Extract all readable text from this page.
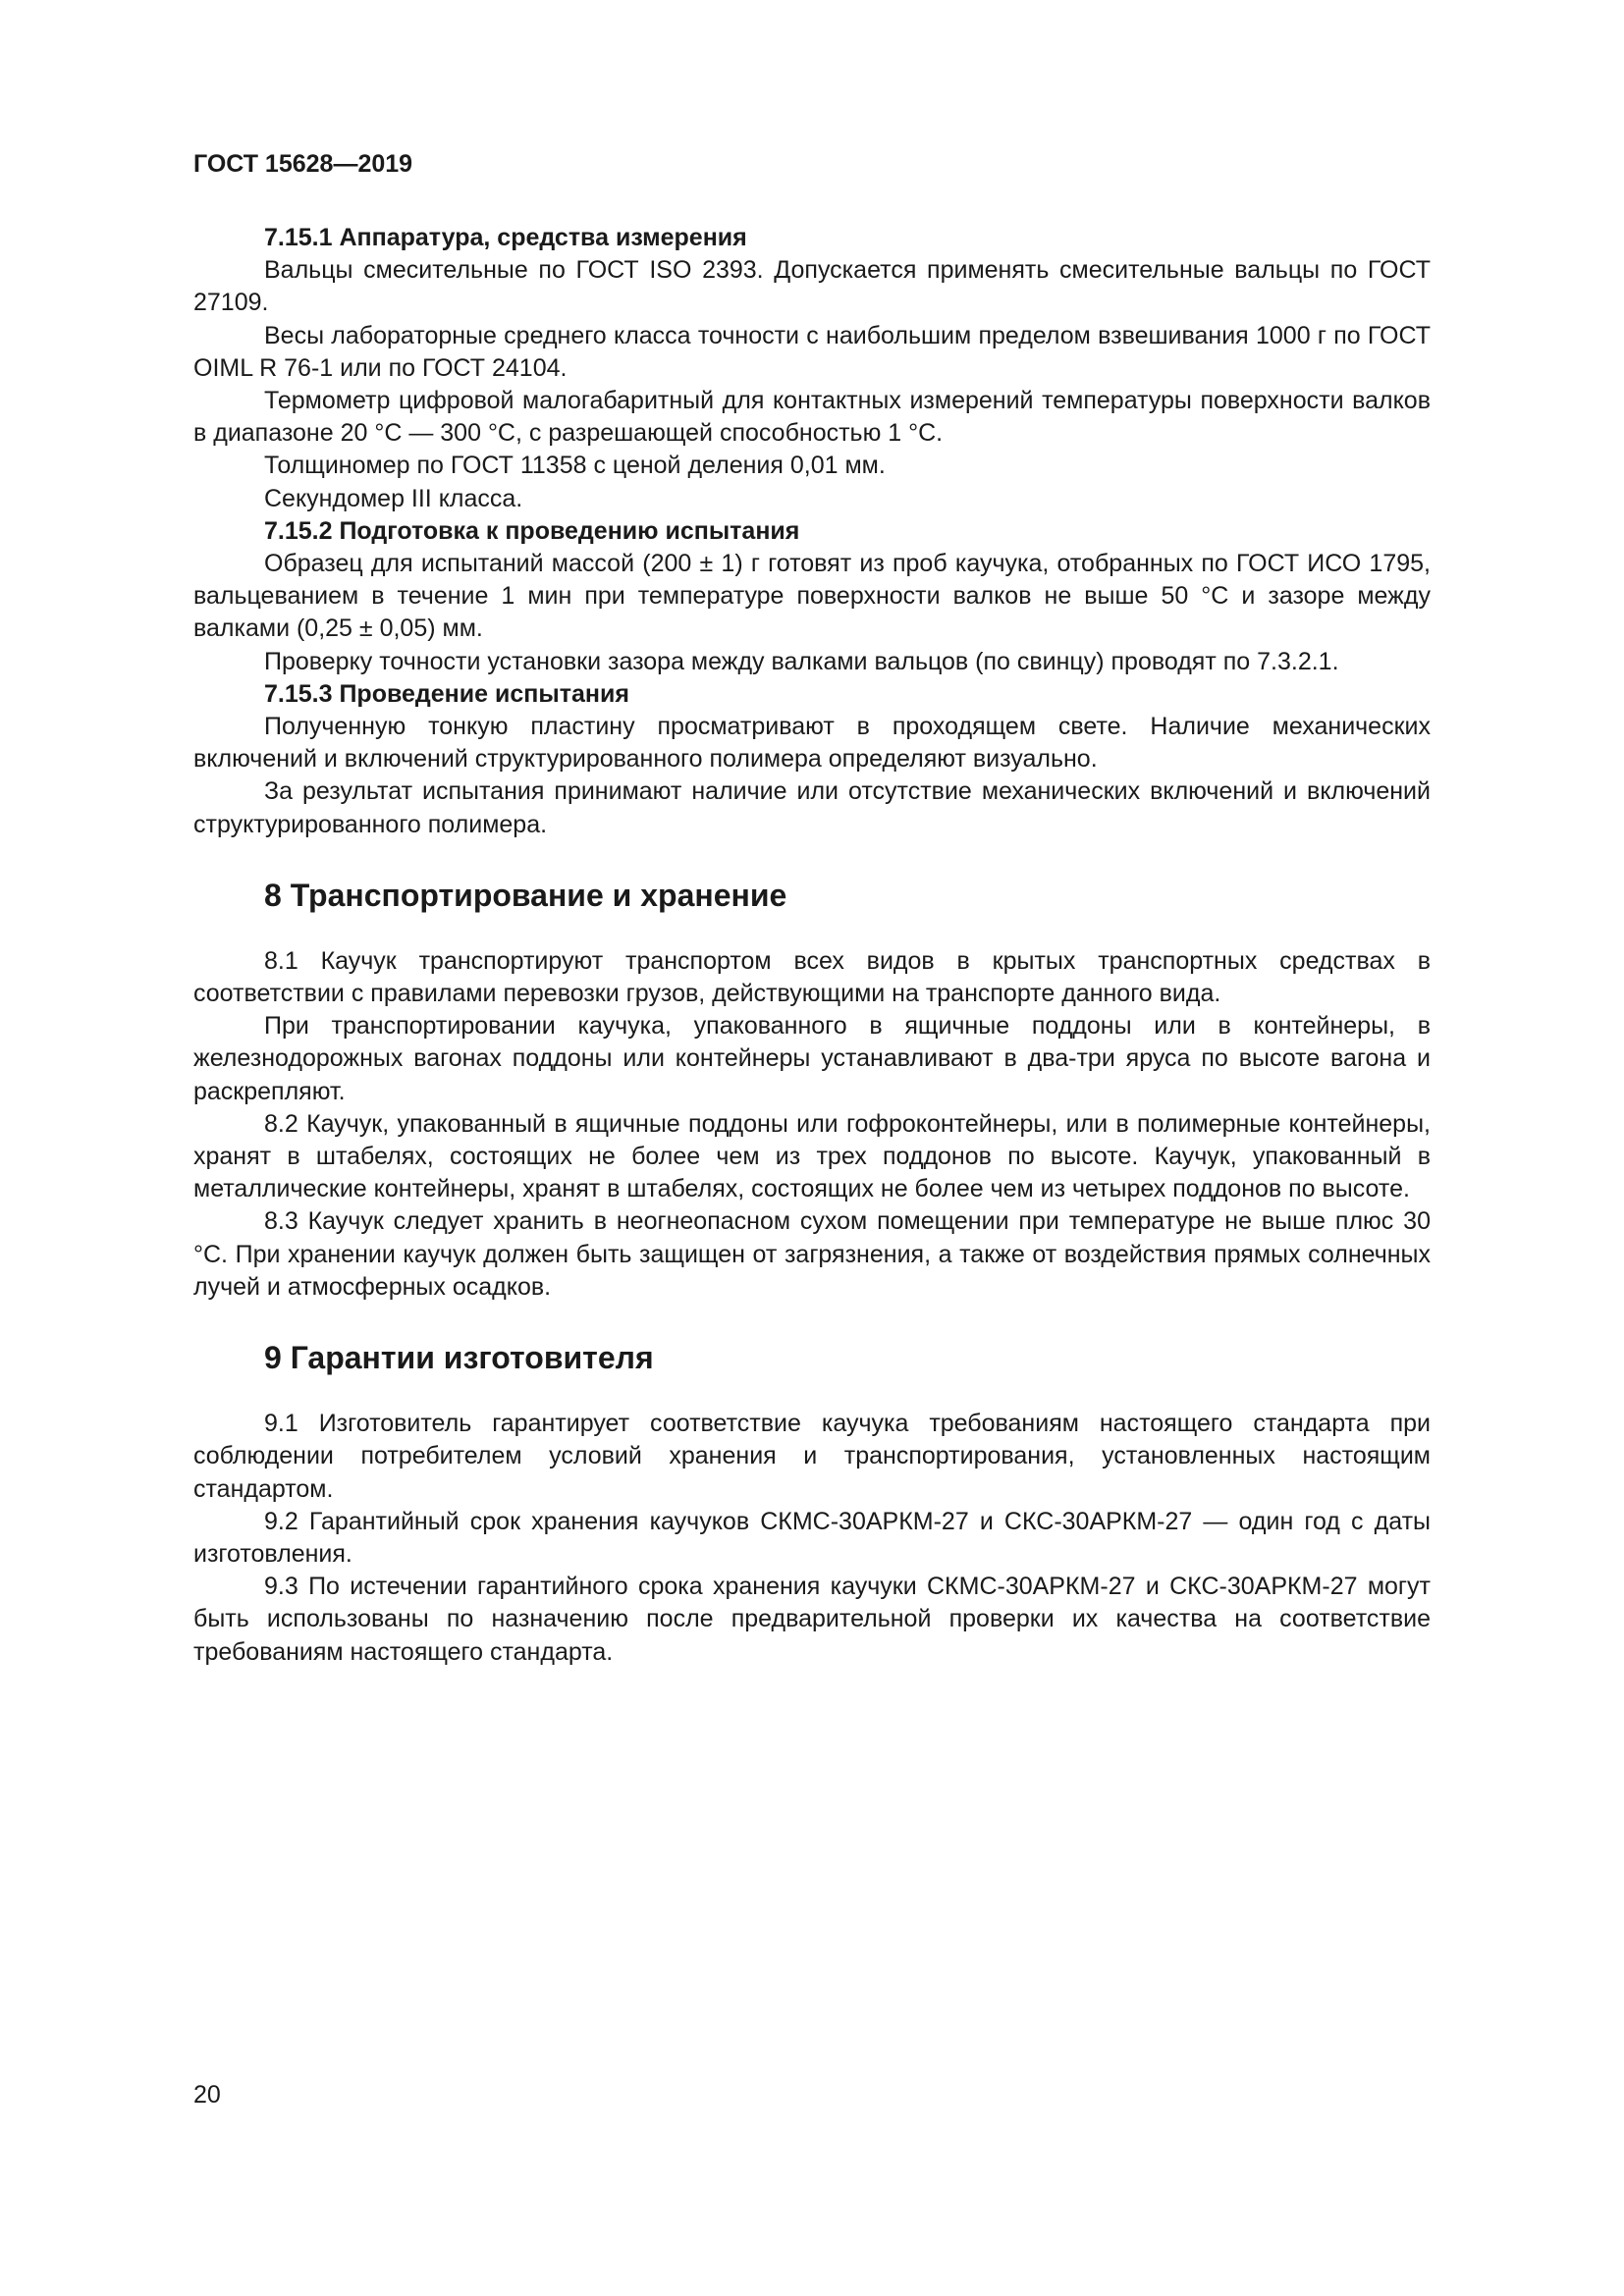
ГОСТ 15628—2019
7.15.1 Аппаратура, средства измерения
Вальцы смесительные по ГОСТ ISO 2393. Допускается применять смесительные вальцы по ГОСТ 27109.
Весы лабораторные среднего класса точности с наибольшим пределом взвешивания 1000 г по ГОСТ OIML R 76-1 или по ГОСТ 24104.
Термометр цифровой малогабаритный для контактных измерений температуры поверхности валков в диапазоне 20 °С — 300 °С, с разрешающей способностью 1 °С.
Толщиномер по ГОСТ 11358 с ценой деления 0,01 мм.
Секундомер III класса.
7.15.2 Подготовка к проведению испытания
Образец для испытаний массой (200 ± 1) г готовят из проб каучука, отобранных по ГОСТ ИСО 1795, вальцеванием в течение 1 мин при температуре поверхности валков не выше 50 °С и зазоре между валками (0,25 ± 0,05) мм.
Проверку точности установки зазора между валками вальцов (по свинцу) проводят по 7.3.2.1.
7.15.3 Проведение испытания
Полученную тонкую пластину просматривают в проходящем свете. Наличие механических включений и включений структурированного полимера определяют визуально.
За результат испытания принимают наличие или отсутствие механических включений и включений структурированного полимера.
8 Транспортирование и хранение
8.1 Каучук транспортируют транспортом всех видов в крытых транспортных средствах в соответствии с правилами перевозки грузов, действующими на транспорте данного вида.
При транспортировании каучука, упакованного в ящичные поддоны или в контейнеры, в железнодорожных вагонах поддоны или контейнеры устанавливают в два-три яруса по высоте вагона и раскрепляют.
8.2 Каучук, упакованный в ящичные поддоны или гофроконтейнеры, или в полимерные контейнеры, хранят в штабелях, состоящих не более чем из трех поддонов по высоте. Каучук, упакованный в металлические контейнеры, хранят в штабелях, состоящих не более чем из четырех поддонов по высоте.
8.3 Каучук следует хранить в неогнеопасном сухом помещении при температуре не выше плюс 30 °С. При хранении каучук должен быть защищен от загрязнения, а также от воздействия прямых солнечных лучей и атмосферных осадков.
9 Гарантии изготовителя
9.1 Изготовитель гарантирует соответствие каучука требованиям настоящего стандарта при соблюдении потребителем условий хранения и транспортирования, установленных настоящим стандартом.
9.2 Гарантийный срок хранения каучуков СКМС-30АРКМ-27 и СКС-30АРКМ-27 — один год с даты изготовления.
9.3 По истечении гарантийного срока хранения каучуки СКМС-30АРКМ-27 и СКС-30АРКМ-27 могут быть использованы по назначению после предварительной проверки их качества на соответствие требованиям настоящего стандарта.
20
